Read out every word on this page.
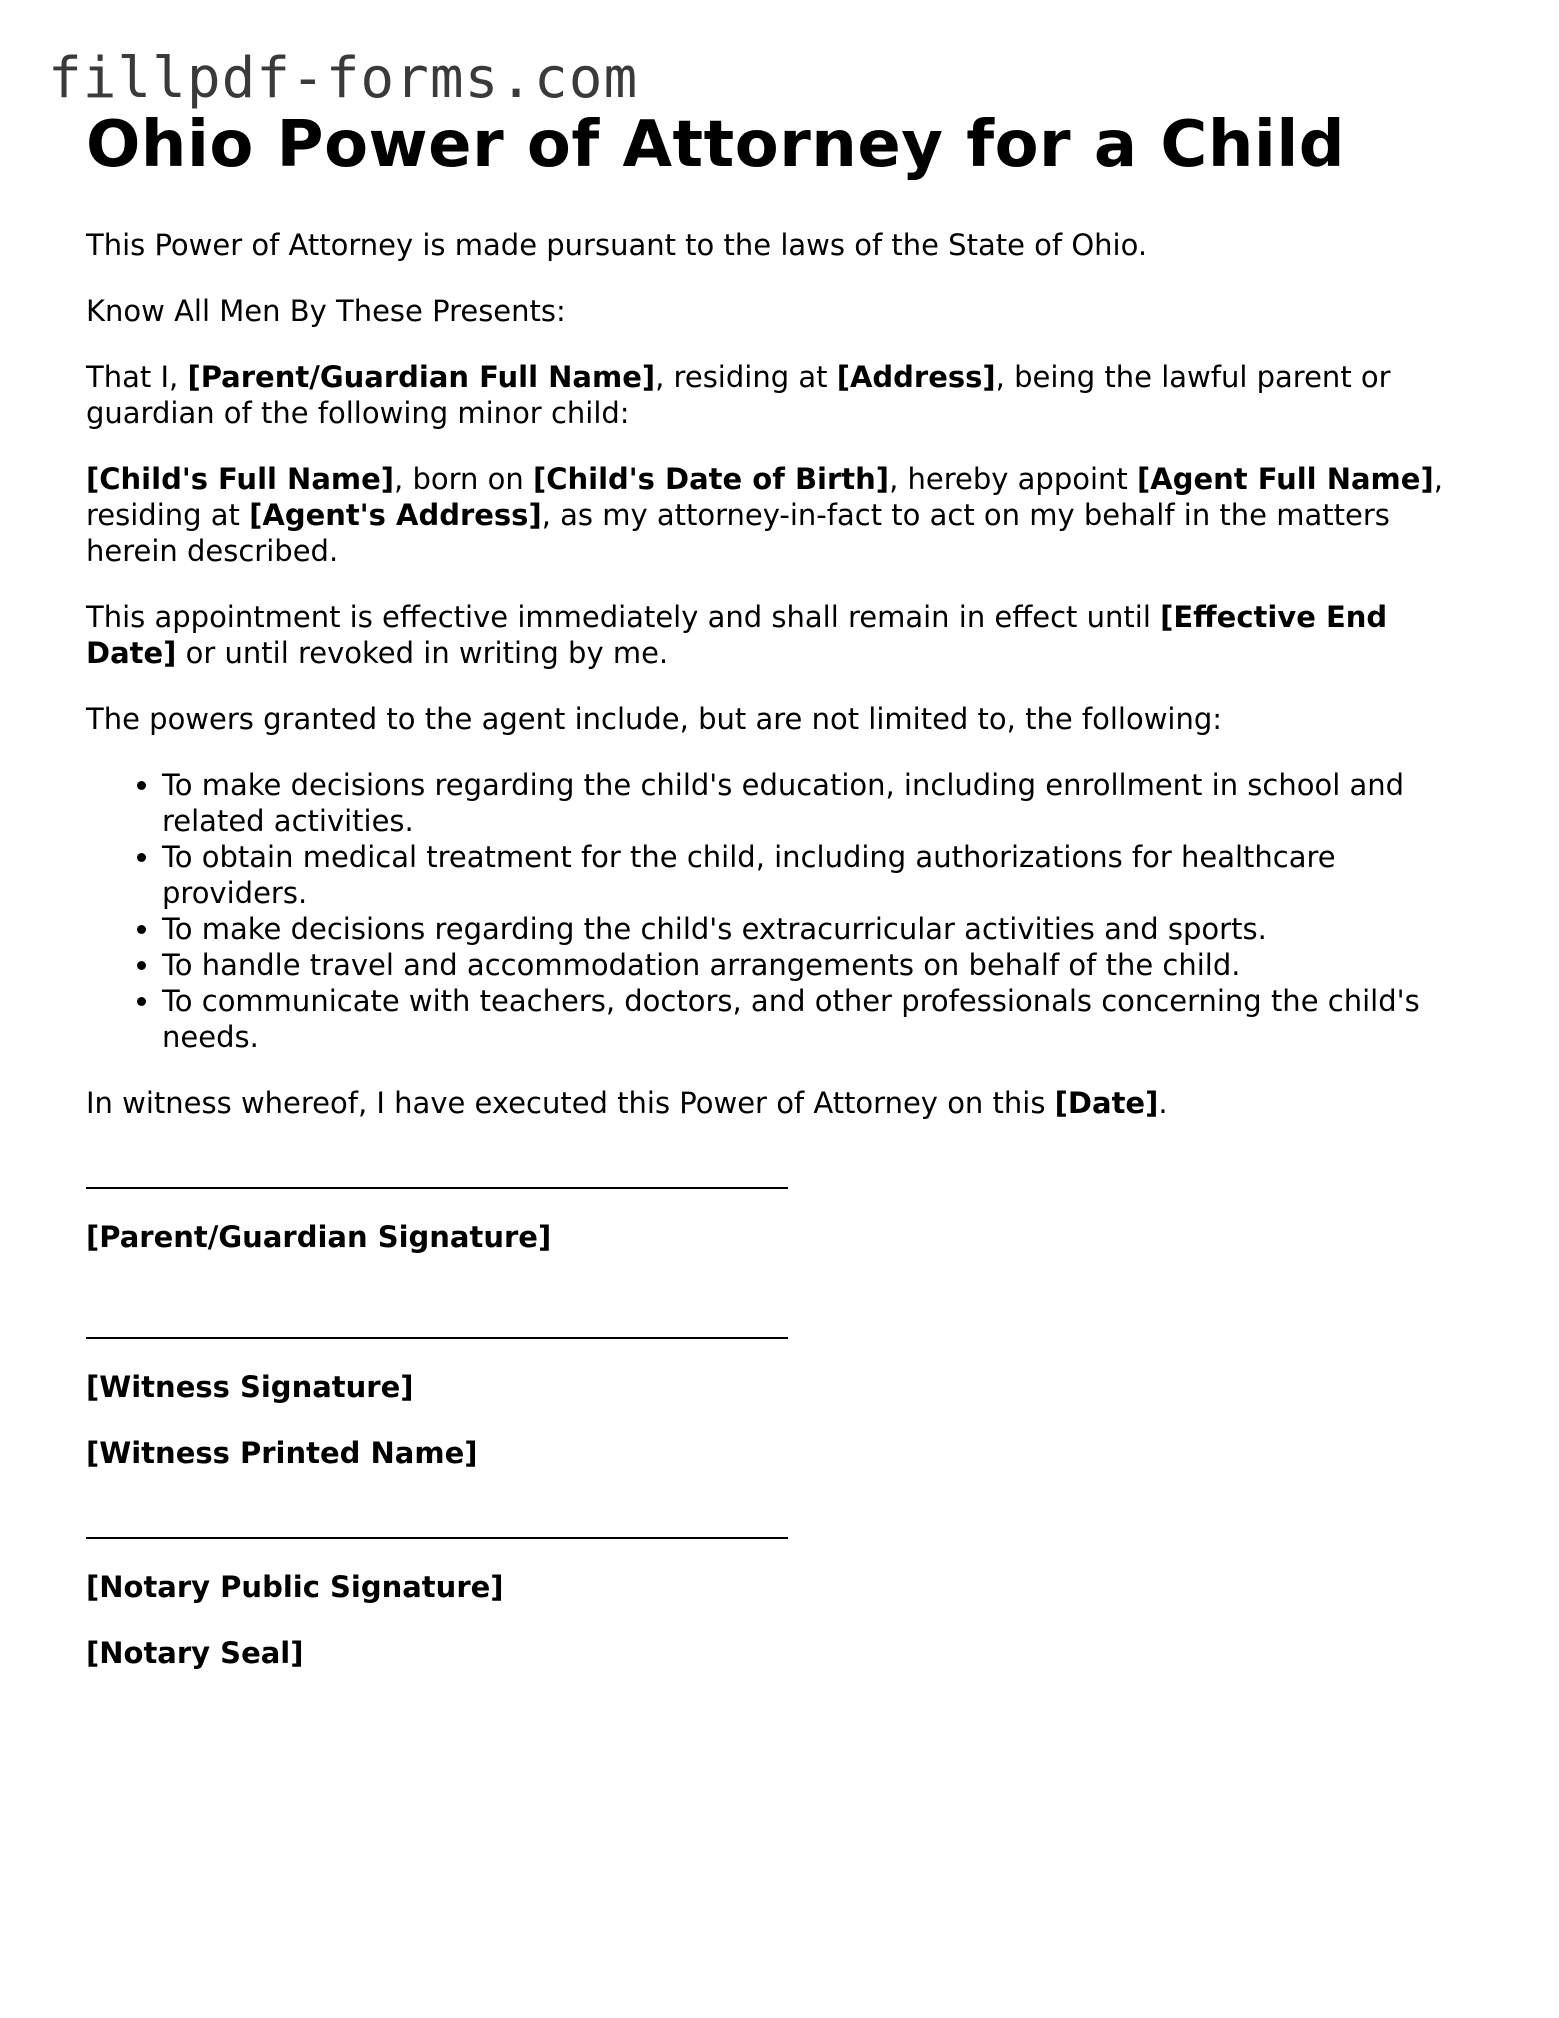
fillpdf-forms.com
Ohio Power of Attorney for a Child

This Power of Attorney is made pursuant to the laws of the State of Ohio.

Know All Men By These Presents:

That I, [Parent/Guardian Full Name], residing at [Address], being the lawful parent or guardian of the following minor child:

[Child's Full Name], born on [Child's Date of Birth], hereby appoint [Agent Full Name], residing at [Agent's Address], as my attorney-in-fact to act on my behalf in the matters herein described.

This appointment is effective immediately and shall remain in effect until [Effective End Date] or until revoked in writing by me.

The powers granted to the agent include, but are not limited to, the following:

• To make decisions regarding the child's education, including enrollment in school and related activities.
• To obtain medical treatment for the child, including authorizations for healthcare providers.
• To make decisions regarding the child's extracurricular activities and sports.
• To handle travel and accommodation arrangements on behalf of the child.
• To communicate with teachers, doctors, and other professionals concerning the child's needs.

In witness whereof, I have executed this Power of Attorney on this [Date].

[Parent/Guardian Signature]

[Witness Signature]

[Witness Printed Name]

[Notary Public Signature]

[Notary Seal]
